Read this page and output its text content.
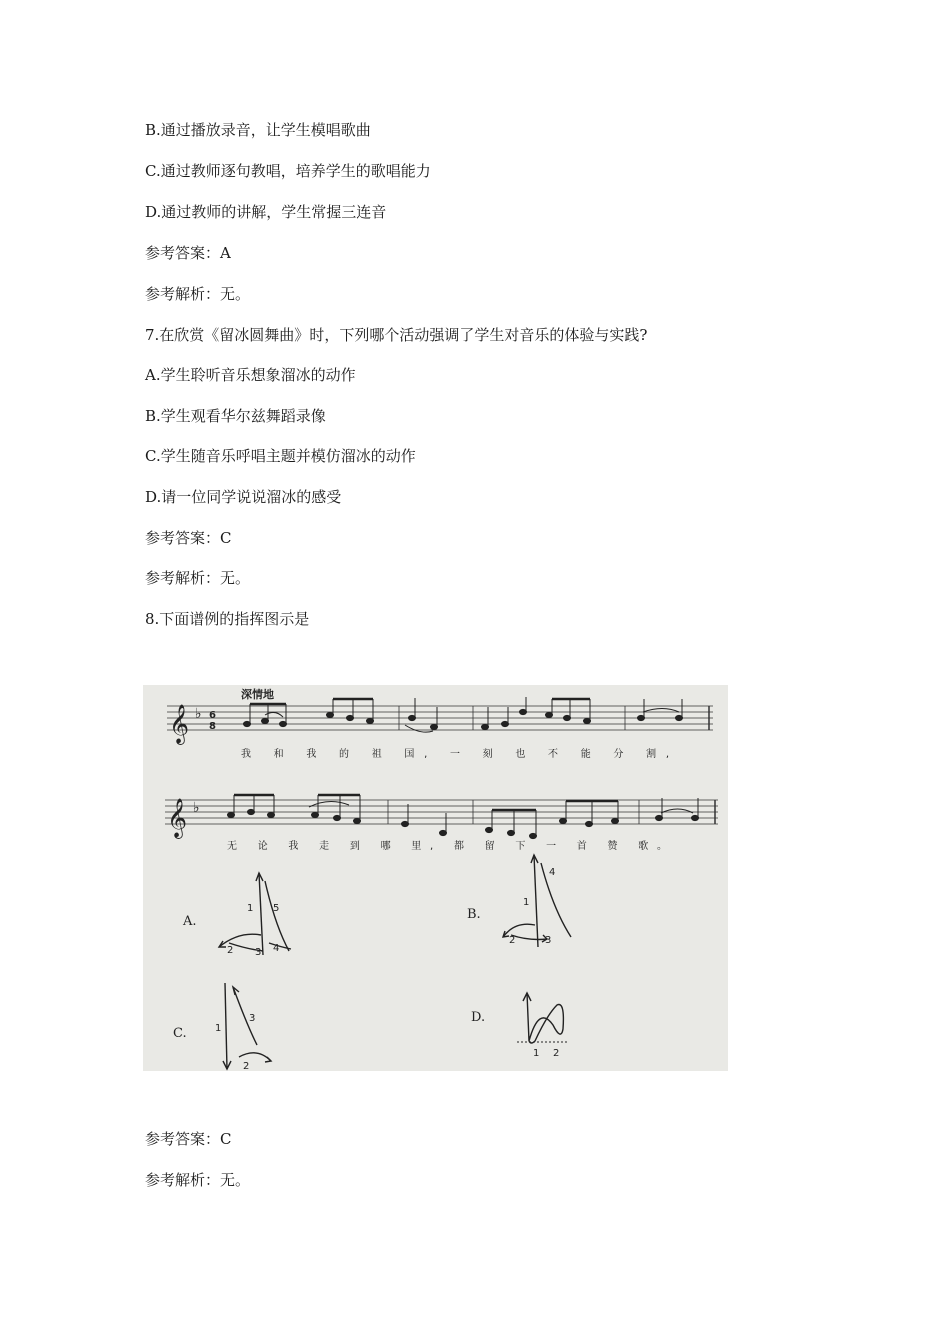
B.通过播放录音，让学生模唱歌曲
C.通过教师逐句教唱，培养学生的歌唱能力
D.通过教师的讲解，学生常握三连音
参考答案：A
参考解析：无。
7.在欣赏《留冰圆舞曲》时，下列哪个活动强调了学生对音乐的体验与实践?
A.学生聆听音乐想象溜冰的动作
B.学生观看华尔兹舞蹈录像
C.学生随音乐呼唱主题并模仿溜冰的动作
D.请一位同学说说溜冰的感受
参考答案：C
参考解析：无。
8.下面谱例的指挥图示是
深情地
𝄞 ♭ 6
8
我 和 我 的 祖 国, 一 刻 也 不 能 分 割,
𝄞 ♭
无 论 我 走 到 哪 里, 都 留 下 一 首 赞 歌。
A.
1
2 3 4
5	B.
1
2	3
4
C.	1
2
3	D.
1 2
参考答案：C
参考解析：无。
